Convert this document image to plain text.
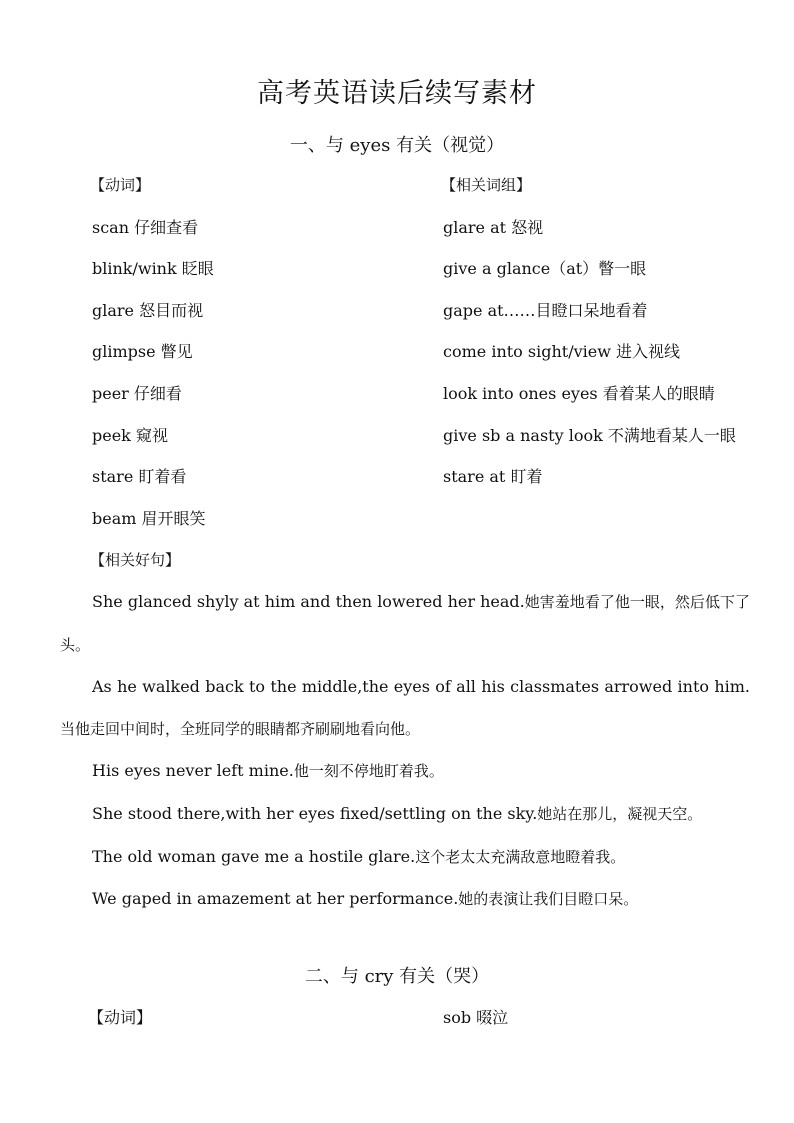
高考英语读后续写素材
一、与 eyes 有关（视觉）
【动词】
scan 仔细查看
blink/wink 眨眼
glare 怒目而视
glimpse 瞥见
peer 仔细看
peek 窥视
stare 盯着看
beam 眉开眼笑
【相关词组】
glare at 怒视
give a glance（at）瞥一眼
gape at……目瞪口呆地看着
come into sight/view 进入视线
look into ones eyes 看着某人的眼睛
give sb a nasty look 不满地看某人一眼
stare at 盯着
【相关好句】

She glanced shyly at him and then lowered her head.她害羞地看了他一眼，然后低下了头。

As he walked back to the middle,the eyes of all his classmates arrowed into him.当他走回中间时，全班同学的眼睛都齐刷刷地看向他。

His eyes never left mine.他一刻不停地盯着我。

She stood there,with her eyes fixed/settling on the sky.她站在那儿，凝视天空。

The old woman gave me a hostile glare.这个老太太充满敌意地瞪着我。

We gaped in amazement at her performance.她的表演让我们目瞪口呆。

二、与 cry 有关（哭）
【动词】	sob 啜泣
